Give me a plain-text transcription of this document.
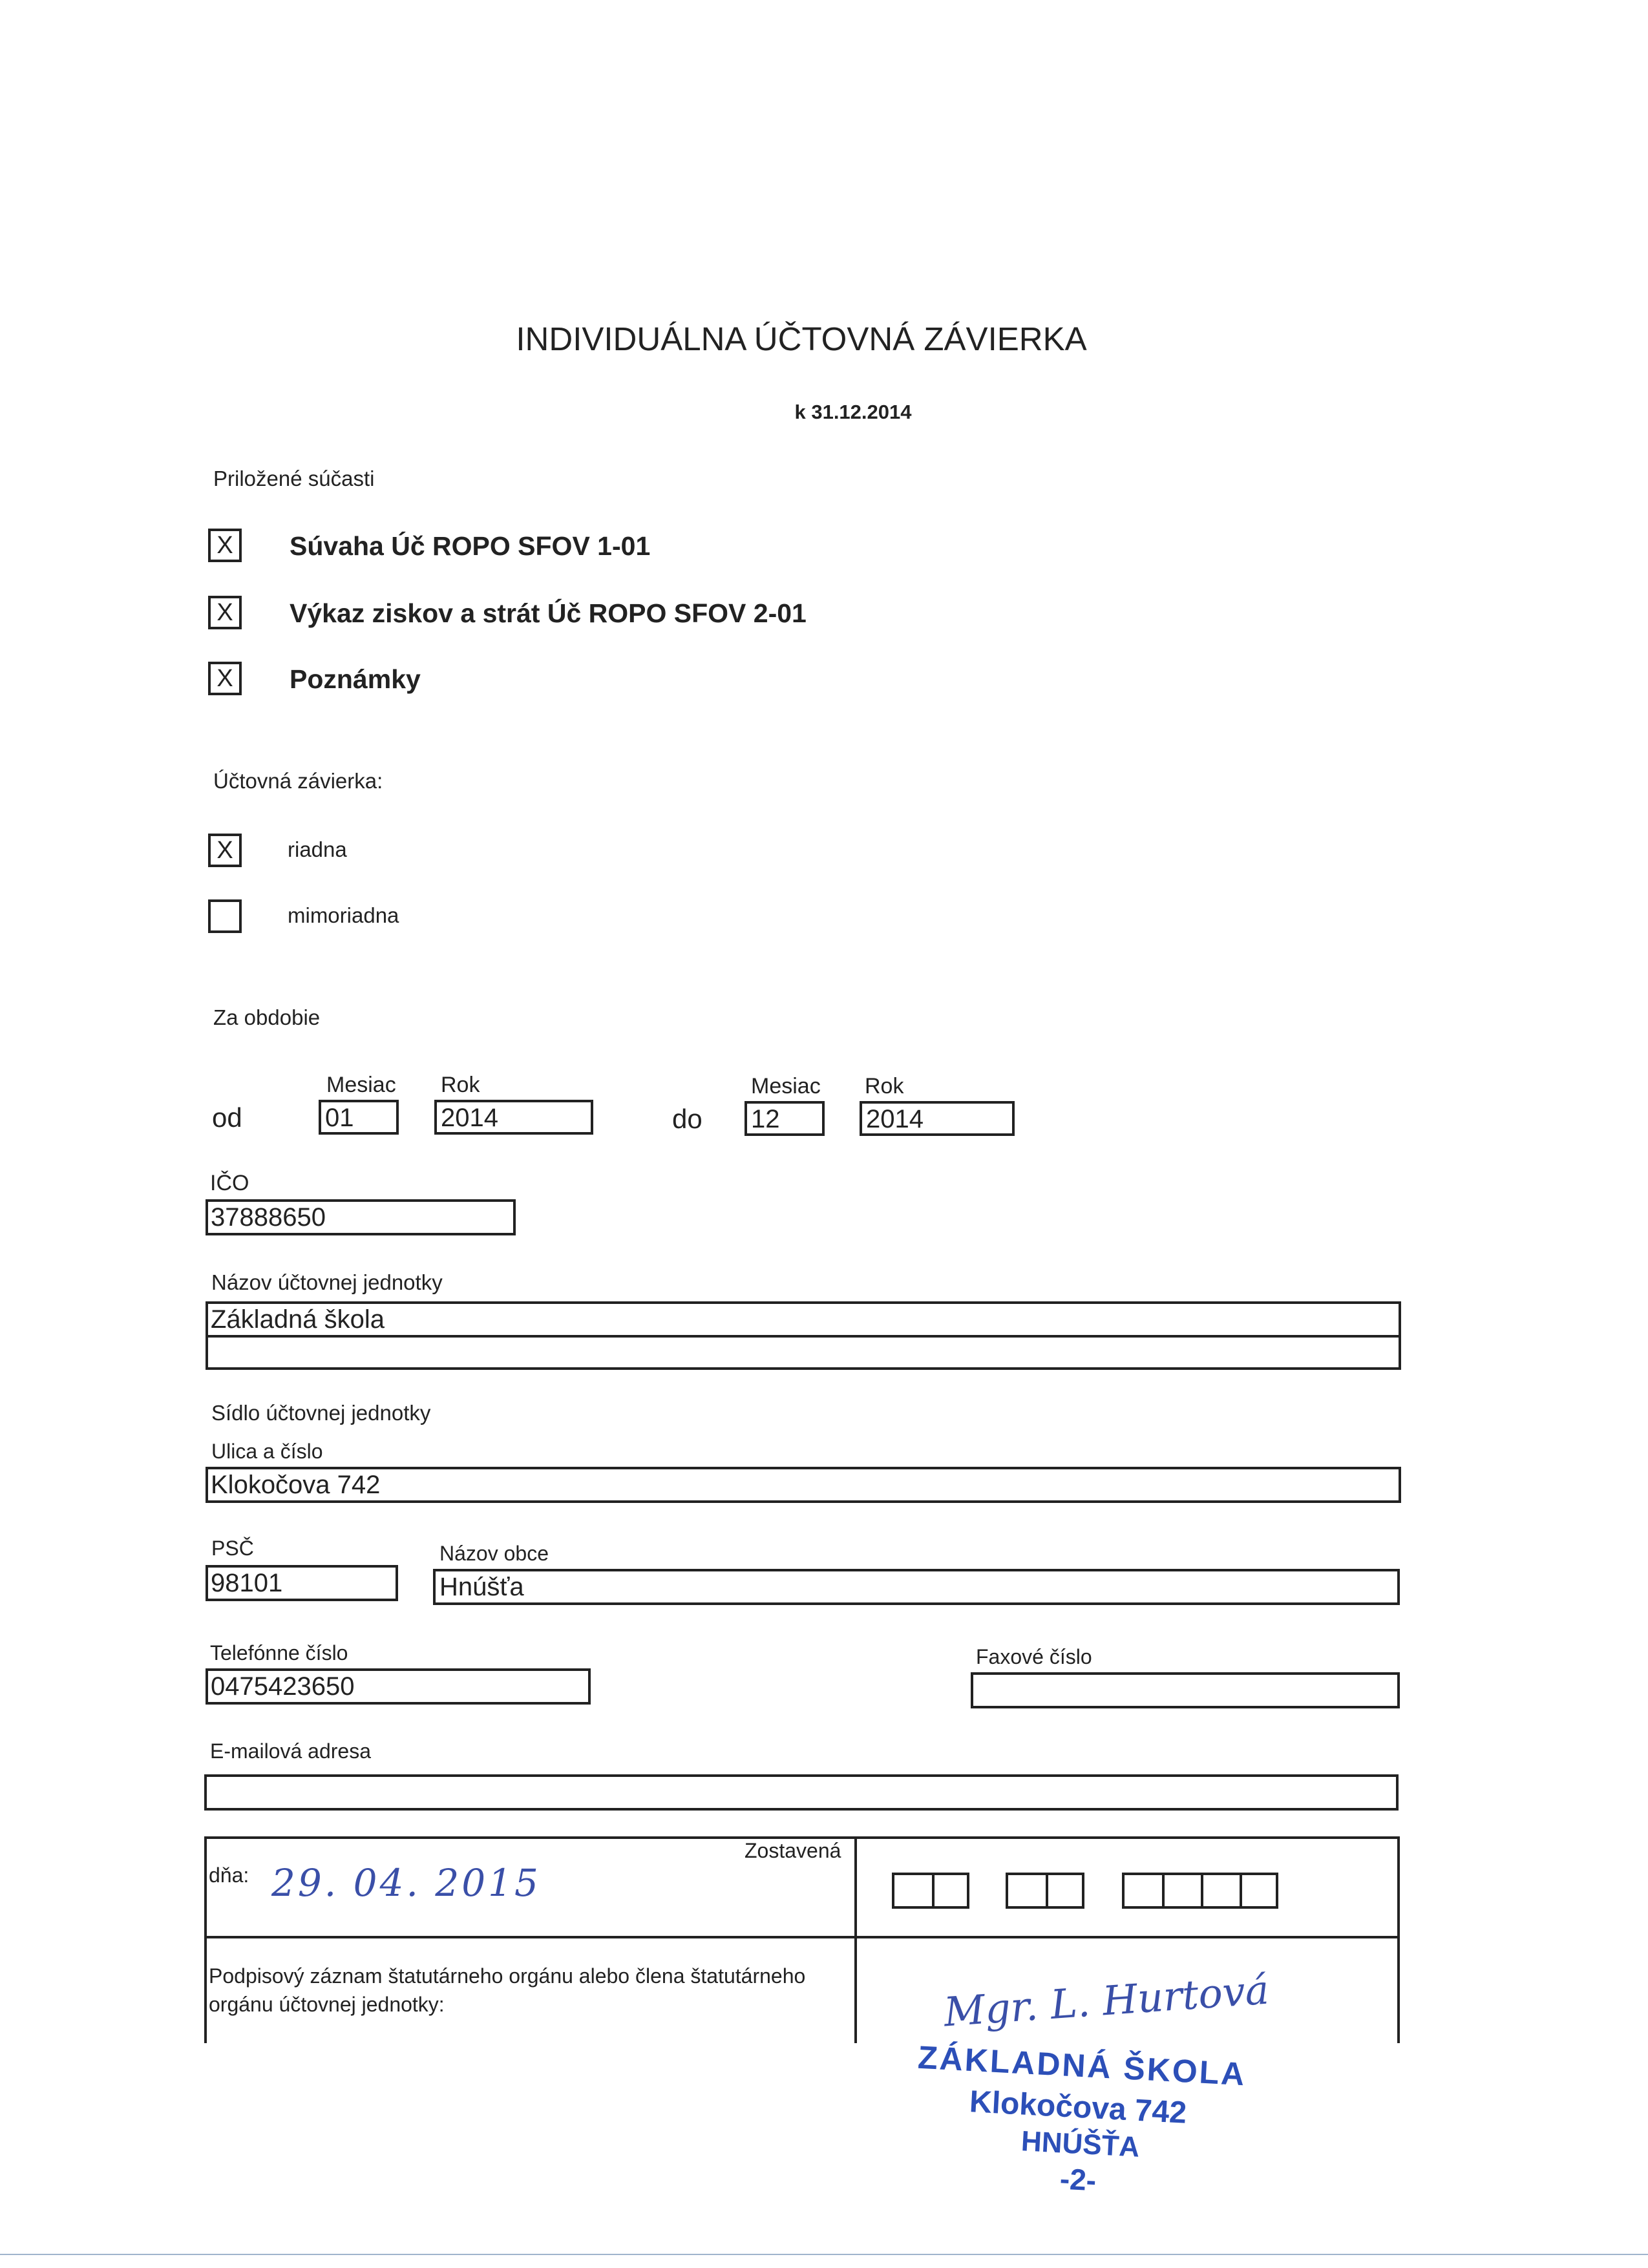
INDIVIDUÁLNA ÚČTOVNÁ ZÁVIERKA
k 31.12.2014
Priložené súčasti
X	Súvaha Úč ROPO SFOV 1-01
X	Výkaz ziskov a strát Úč ROPO SFOV 2-01
X	Poznámky
Účtovná závierka:
X	riadna
mimoriadna
Za obdobie
Mesiac Rok	Mesiac Rok
od	01	2014	do 12	2014
IČO
37888650
Názov účtovnej jednotky
Základná škola
Sídlo účtovnej jednotky
Ulica a číslo
Klokočova 742
PSČ
98101
Názov obce
Hnúšťa
Telefónne číslo
0475423650
Faxové číslo
E-mailová adresa
Zostavená
dňa: 29. 04. 2015
Podpisový záznam štatutárneho orgánu alebo člena štatutárneho
orgánu účtovnej jednotky:	Mgr. L. Hurtová
ZÁKLADNÁ ŠKOLA
Klokočova 742
HNÚŠŤA
-2-
